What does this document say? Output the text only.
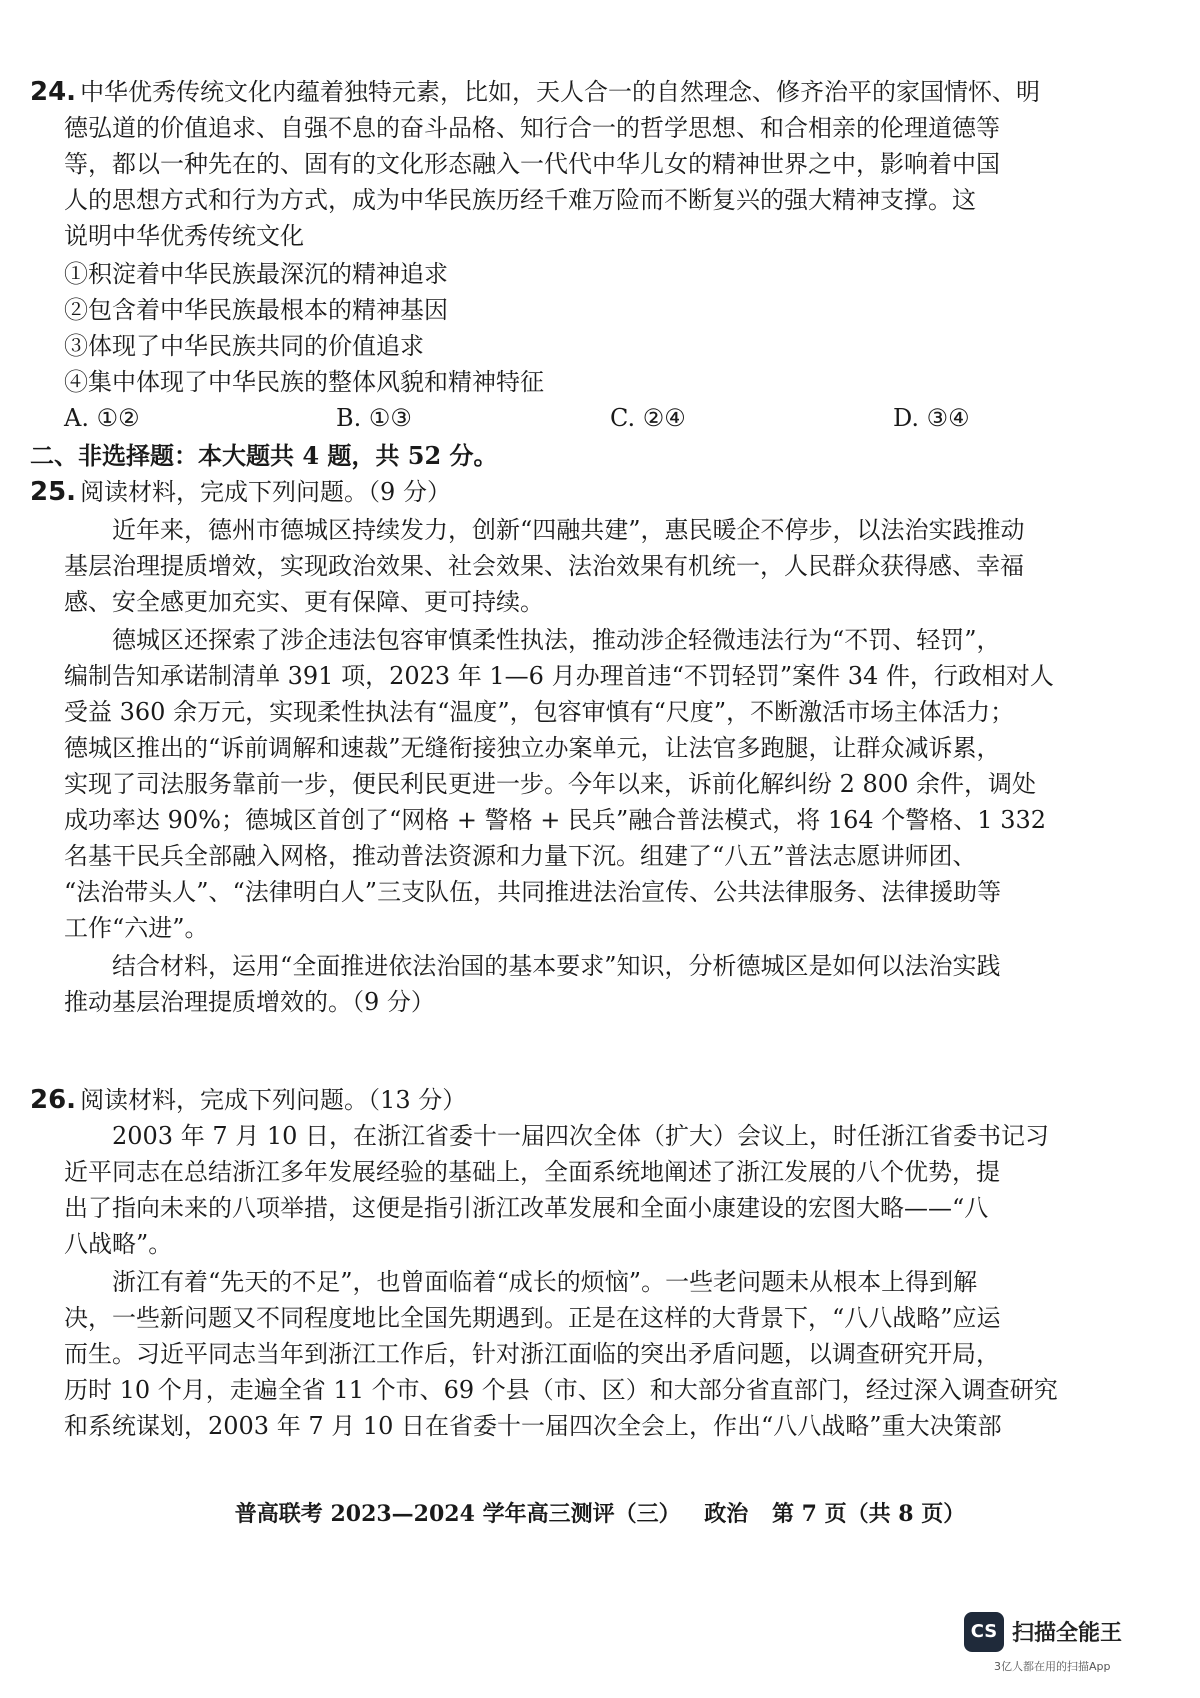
24. 中华优秀传统文化内蕴着独特元素，比如，天人合一的自然理念、修齐治平的家国情怀、明
德弘道的价值追求、自强不息的奋斗品格、知行合一的哲学思想、和合相亲的伦理道德等
等，都以一种先在的、固有的文化形态融入一代代中华儿女的精神世界之中，影响着中国
人的思想方式和行为方式，成为中华民族历经千难万险而不断复兴的强大精神支撑。这
说明中华优秀传统文化
①积淀着中华民族最深沉的精神追求
②包含着中华民族最根本的精神基因
③体现了中华民族共同的价值追求
④集中体现了中华民族的整体风貌和精神特征
A. ①②	B. ①③	C. ②④	D. ③④
二、非选择题：本大题共 4 题，共 52 分。
25. 阅读材料，完成下列问题。（9 分）
近年来，德州市德城区持续发力，创新“四融共建”，惠民暖企不停步，以法治实践推动
基层治理提质增效，实现政治效果、社会效果、法治效果有机统一，人民群众获得感、幸福
感、安全感更加充实、更有保障、更可持续。
德城区还探索了涉企违法包容审慎柔性执法，推动涉企轻微违法行为“不罚、轻罚”，
编制告知承诺制清单 391 项，2023 年 1—6 月办理首违“不罚轻罚”案件 34 件，行政相对人
受益 360 余万元，实现柔性执法有“温度”，包容审慎有“尺度”，不断激活市场主体活力；
德城区推出的“诉前调解和速裁”无缝衔接独立办案单元，让法官多跑腿，让群众减诉累，
实现了司法服务靠前一步，便民利民更进一步。今年以来，诉前化解纠纷 2 800 余件，调处
成功率达 90%；德城区首创了“网格 + 警格 + 民兵”融合普法模式，将 164 个警格、1 332
名基干民兵全部融入网格，推动普法资源和力量下沉。组建了“八五”普法志愿讲师团、
“法治带头人”、“法律明白人”三支队伍，共同推进法治宣传、公共法律服务、法律援助等
工作“六进”。
结合材料，运用“全面推进依法治国的基本要求”知识，分析德城区是如何以法治实践
推动基层治理提质增效的。（9 分）
26. 阅读材料，完成下列问题。（13 分）
2003 年 7 月 10 日，在浙江省委十一届四次全体（扩大）会议上，时任浙江省委书记习
近平同志在总结浙江多年发展经验的基础上，全面系统地阐述了浙江发展的八个优势，提
出了指向未来的八项举措，这便是指引浙江改革发展和全面小康建设的宏图大略——“八
八战略”。
浙江有着“先天的不足”，也曾面临着“成长的烦恼”。一些老问题未从根本上得到解
决，一些新问题又不同程度地比全国先期遇到。正是在这样的大背景下，“八八战略”应运
而生。习近平同志当年到浙江工作后，针对浙江面临的突出矛盾问题，以调查研究开局，
历时 10 个月，走遍全省 11 个市、69 个县（市、区）和大部分省直部门，经过深入调查研究
和系统谋划，2003 年 7 月 10 日在省委十一届四次全会上，作出“八八战略”重大决策部
普高联考 2023—2024 学年高三测评（三） 政治 第 7 页（共 8 页）
CS 扫描全能王
3亿人都在用的扫描App
